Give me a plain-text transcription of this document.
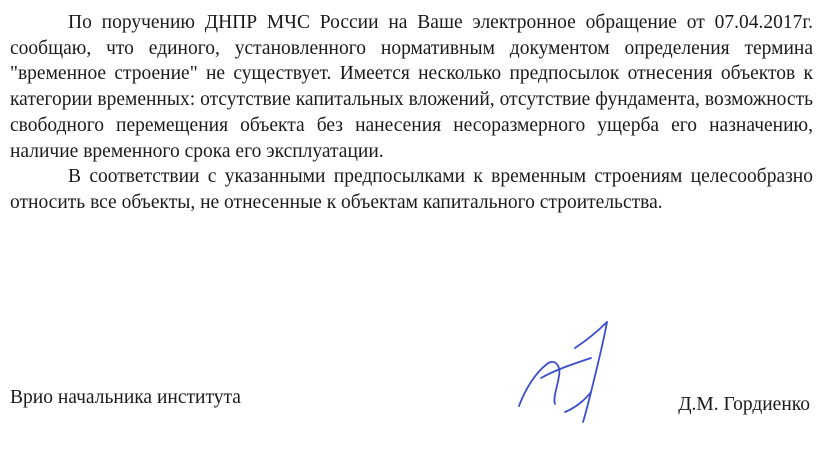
По поручению ДНПР МЧС России на Ваше электронное обращение от 07.04.2017г. сообщаю, что единого, установленного нормативным документом определения термина "временное строение" не существует. Имеется несколько предпосылок отнесения объектов к категории временных: отсутствие капитальных вложений, отсутствие фундамента, возможность свободного перемещения объекта без нанесения несоразмерного ущерба его назначению, наличие временного срока его эксплуатации.

В соответствии с указанными предпосылками к временным строениям целесообразно относить все объекты, не отнесенные к объектам капитального строительства.

Врио начальника института	Д.М. Гордиенко
